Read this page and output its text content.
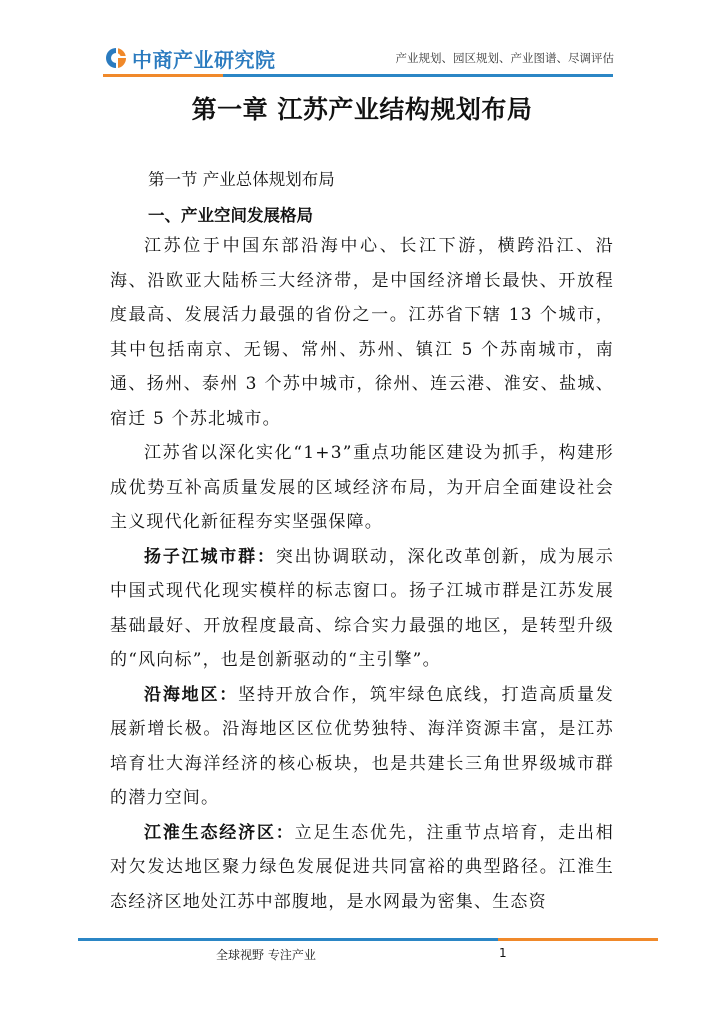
中商产业研究院	产业规划、园区规划、产业图谱、尽调评估
第一章 江苏产业结构规划布局
第一节 产业总体规划布局
一、产业空间发展格局

江苏位于中国东部沿海中心、长江下游，横跨沿江、沿海、沿欧亚大陆桥三大经济带，是中国经济增长最快、开放程度最高、发展活力最强的省份之一。江苏省下辖 13 个城市，其中包括南京、无锡、常州、苏州、镇江 5 个苏南城市，南通、扬州、泰州 3 个苏中城市，徐州、连云港、淮安、盐城、宿迁 5 个苏北城市。

江苏省以深化实化“1+3”重点功能区建设为抓手，构建形成优势互补高质量发展的区域经济布局，为开启全面建设社会主义现代化新征程夯实坚强保障。

扬子江城市群：突出协调联动，深化改革创新，成为展示中国式现代化现实模样的标志窗口。扬子江城市群是江苏发展基础最好、开放程度最高、综合实力最强的地区，是转型升级的“风向标”，也是创新驱动的“主引擎”。

沿海地区：坚持开放合作，筑牢绿色底线，打造高质量发展新增长极。沿海地区区位优势独特、海洋资源丰富，是江苏培育壮大海洋经济的核心板块，也是共建长三角世界级城市群的潜力空间。

江淮生态经济区：立足生态优先，注重节点培育，走出相对欠发达地区聚力绿色发展促进共同富裕的典型路径。江淮生态经济区地处江苏中部腹地，是水网最为密集、生态资

全球视野 专注产业	1
